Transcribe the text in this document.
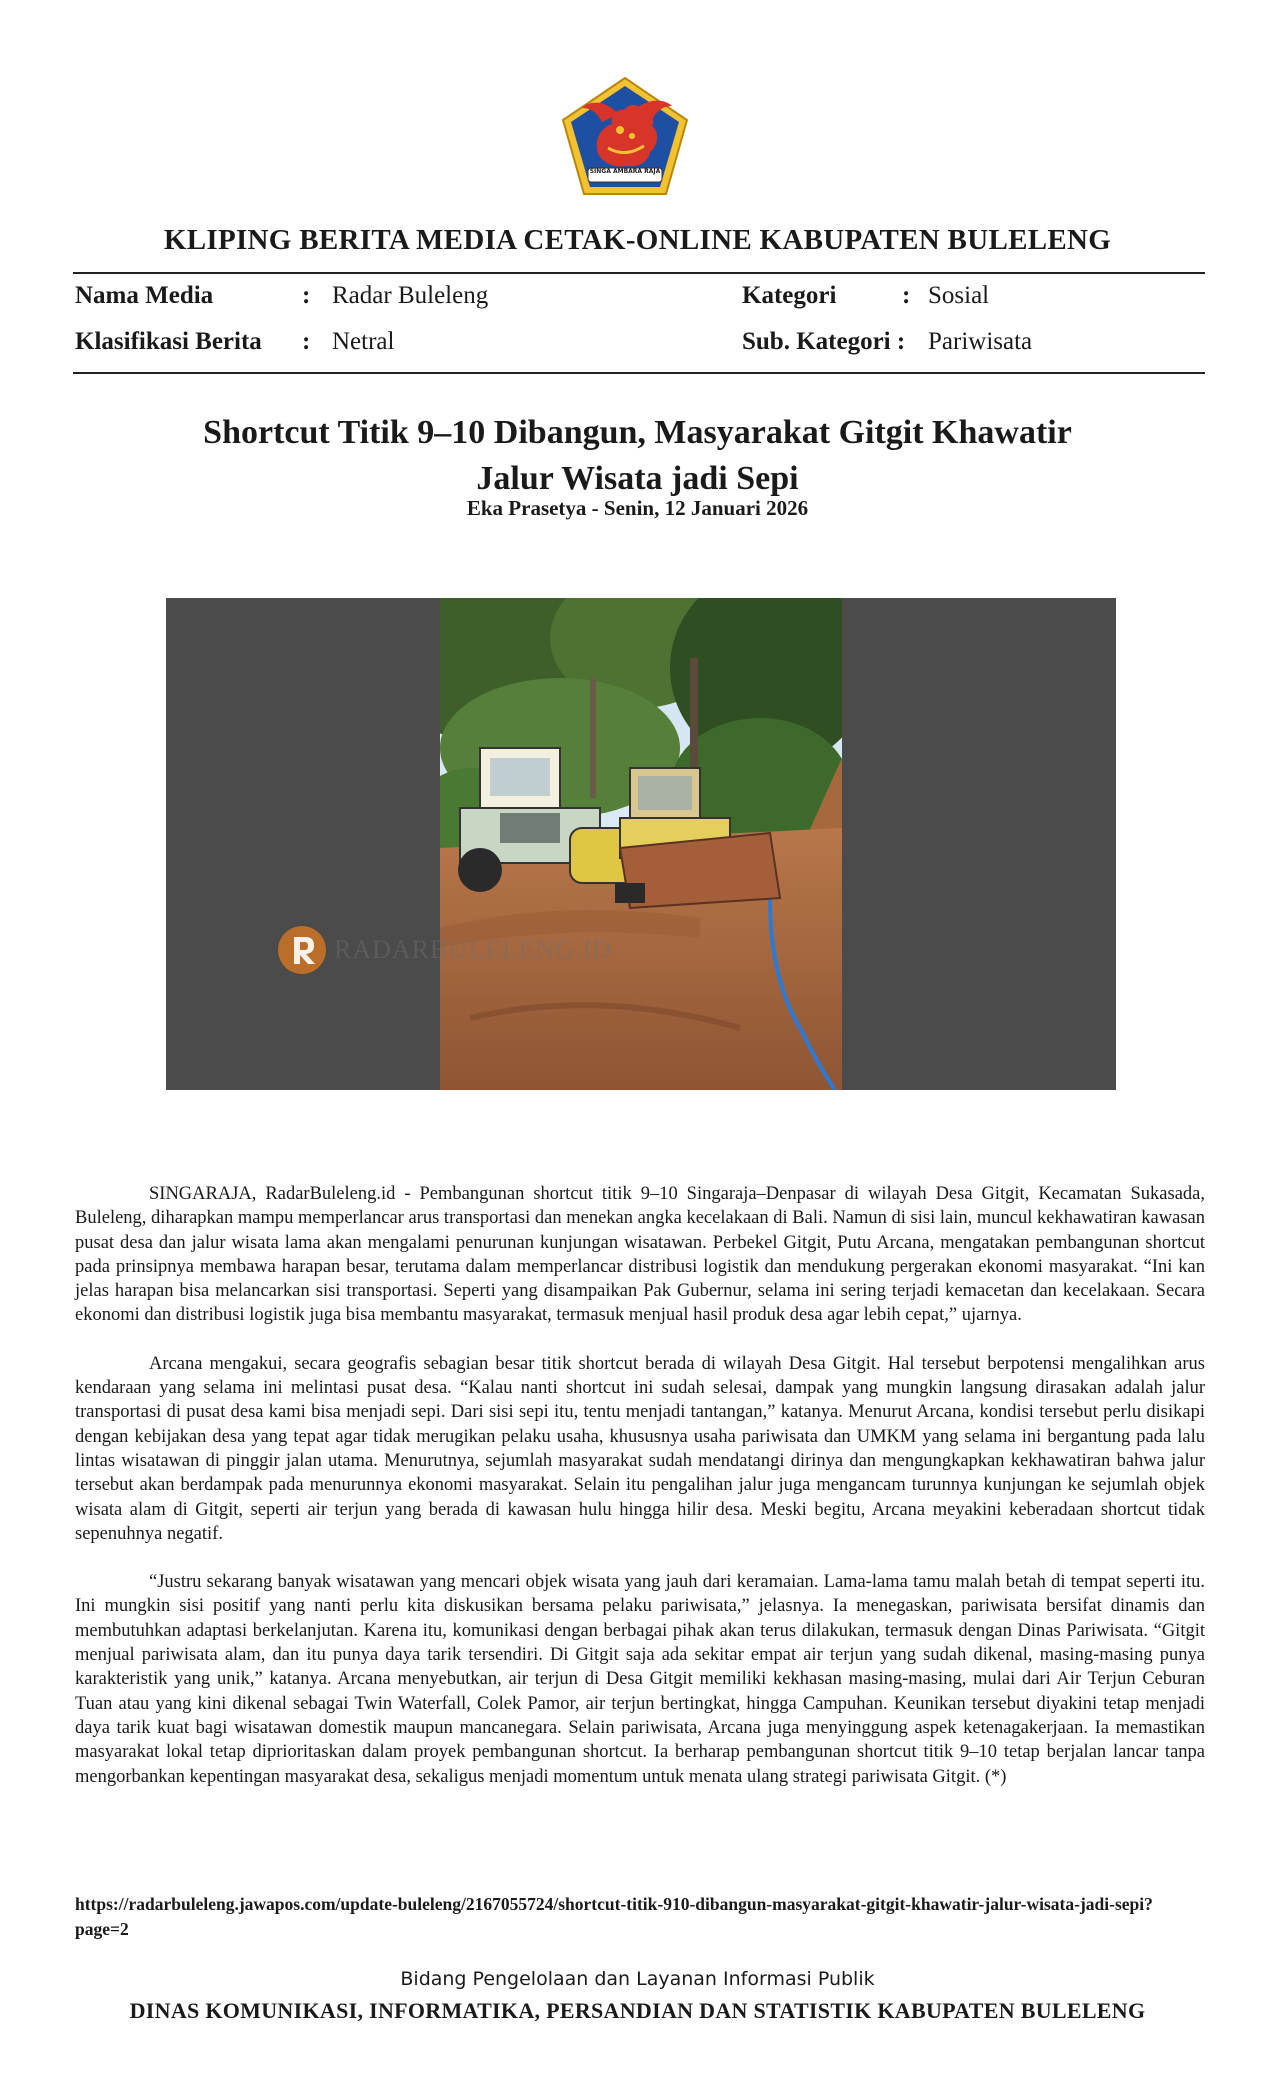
SINGA AMBARA RAJA
KLIPING BERITA MEDIA CETAK-ONLINE KABUPATEN BULELENG
Nama Media	: Radar Buleleng	Kategori	: Sosial
Klasifikasi Berita : Netral	Sub. Kategori : Pariwisata
Shortcut Titik 9–10 Dibangun, Masyarakat Gitgit Khawatir
Jalur Wisata jadi Sepi
Eka Prasetya - Senin, 12 Januari 2026
RADARBULELENG.ID

SINGARAJA, RadarBuleleng.id - Pembangunan shortcut titik 9–10 Singaraja–Denpasar di wilayah Desa Gitgit, Kecamatan Sukasada, Buleleng, diharapkan mampu memperlancar arus transportasi dan menekan angka kecelakaan di Bali. Namun di sisi lain, muncul kekhawatiran kawasan pusat desa dan jalur wisata lama akan mengalami penurunan kunjungan wisatawan. Perbekel Gitgit, Putu Arcana, mengatakan pembangunan shortcut pada prinsipnya membawa harapan besar, terutama dalam memperlancar distribusi logistik dan mendukung pergerakan ekonomi masyarakat. “Ini kan jelas harapan bisa melancarkan sisi transportasi. Seperti yang disampaikan Pak Gubernur, selama ini sering terjadi kemacetan dan kecelakaan. Secara ekonomi dan distribusi logistik juga bisa membantu masyarakat, termasuk menjual hasil produk desa agar lebih cepat,” ujarnya.

Arcana mengakui, secara geografis sebagian besar titik shortcut berada di wilayah Desa Gitgit. Hal tersebut berpotensi mengalihkan arus kendaraan yang selama ini melintasi pusat desa. “Kalau nanti shortcut ini sudah selesai, dampak yang mungkin langsung dirasakan adalah jalur transportasi di pusat desa kami bisa menjadi sepi. Dari sisi sepi itu, tentu menjadi tantangan,” katanya. Menurut Arcana, kondisi tersebut perlu disikapi dengan kebijakan desa yang tepat agar tidak merugikan pelaku usaha, khususnya usaha pariwisata dan UMKM yang selama ini bergantung pada lalu lintas wisatawan di pinggir jalan utama. Menurutnya, sejumlah masyarakat sudah mendatangi dirinya dan mengungkapkan kekhawatiran bahwa jalur tersebut akan berdampak pada menurunnya ekonomi masyarakat. Selain itu pengalihan jalur juga mengancam turunnya kunjungan ke sejumlah objek wisata alam di Gitgit, seperti air terjun yang berada di kawasan hulu hingga hilir desa. Meski begitu, Arcana meyakini keberadaan shortcut tidak sepenuhnya negatif.

“Justru sekarang banyak wisatawan yang mencari objek wisata yang jauh dari keramaian. Lama-lama tamu malah betah di tempat seperti itu. Ini mungkin sisi positif yang nanti perlu kita diskusikan bersama pelaku pariwisata,” jelasnya. Ia menegaskan, pariwisata bersifat dinamis dan membutuhkan adaptasi berkelanjutan. Karena itu, komunikasi dengan berbagai pihak akan terus dilakukan, termasuk dengan Dinas Pariwisata. “Gitgit menjual pariwisata alam, dan itu punya daya tarik tersendiri. Di Gitgit saja ada sekitar empat air terjun yang sudah dikenal, masing-masing punya karakteristik yang unik,” katanya. Arcana menyebutkan, air terjun di Desa Gitgit memiliki kekhasan masing-masing, mulai dari Air Terjun Ceburan Tuan atau yang kini dikenal sebagai Twin Waterfall, Colek Pamor, air terjun bertingkat, hingga Campuhan. Keunikan tersebut diyakini tetap menjadi daya tarik kuat bagi wisatawan domestik maupun mancanegara. Selain pariwisata, Arcana juga menyinggung aspek ketenagakerjaan. Ia memastikan masyarakat lokal tetap diprioritaskan dalam proyek pembangunan shortcut. Ia berharap pembangunan shortcut titik 9–10 tetap berjalan lancar tanpa mengorbankan kepentingan masyarakat desa, sekaligus menjadi momentum untuk menata ulang strategi pariwisata Gitgit. (*)

https://radarbuleleng.jawapos.com/update-buleleng/2167055724/shortcut-titik-910-dibangun-masyarakat-gitgit-khawatir-jalur-wisata-jadi-sepi?page=2
Bidang Pengelolaan dan Layanan Informasi Publik
DINAS KOMUNIKASI, INFORMATIKA, PERSANDIAN DAN STATISTIK KABUPATEN BULELENG
